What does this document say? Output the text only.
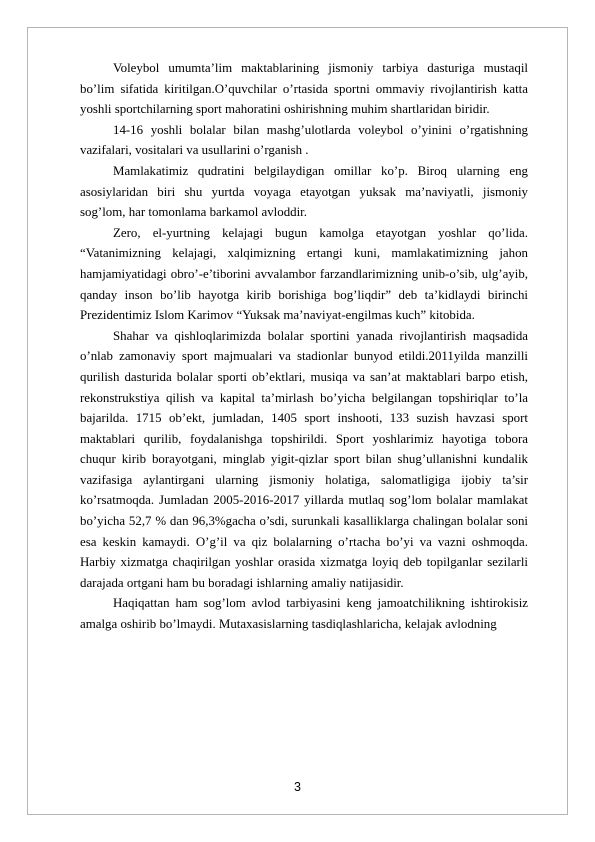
Voleybol umumta’lim maktablarining jismoniy tarbiya dasturiga mustaqil bo’lim sifatida kiritilgan.O’quvchilar o’rtasida sportni ommaviy rivojlantirish katta yoshli sportchilarning sport mahoratini oshirishning muhim shartlaridan biridir.

14-16 yoshli bolalar bilan mashg’ulotlarda voleybol o’yinini o’rgatishning vazifalari, vositalari va usullarini o’rganish .

Mamlakatimiz qudratini belgilaydigan omillar ko’p. Biroq ularning eng asosiylaridan biri shu yurtda voyaga etayotgan yuksak ma’naviyatli, jismoniy sog’lom, har tomonlama barkamol avloddir.

Zero, el-yurtning kelajagi bugun kamolga etayotgan yoshlar qo’lida. “Vatanimizning kelajagi, xalqimizning ertangi kuni, mamlakatimizning jahon hamjamiyatidagi obro’-e’tiborini avvalambor farzandlarimizning unib-o’sib, ulg’ayib, qanday inson bo’lib hayotga kirib borishiga bog’liqdir” deb ta’kidlaydi birinchi Prezidentimiz Islom Karimov “Yuksak ma’naviyat-engilmas kuch” kitobida.

Shahar va qishloqlarimizda bolalar sportini yanada rivojlantirish maqsadida o’nlab zamonaviy sport majmualari va stadionlar bunyod etildi.2011yilda manzilli qurilish dasturida bolalar sporti ob’ektlari, musiqa va san’at maktablari barpo etish, rekonstrukstiya qilish va kapital ta’mirlash bo’yicha belgilangan topshiriqlar to’la bajarilda. 1715 ob’ekt, jumladan, 1405 sport inshooti, 133 suzish havzasi sport maktablari qurilib, foydalanishga topshirildi. Sport yoshlarimiz hayotiga tobora chuqur kirib borayotgani, minglab yigit-qizlar sport bilan shug’ullanishni kundalik vazifasiga aylantirgani ularning jismoniy holatiga, salomatligiga ijobiy ta’sir ko’rsatmoqda. Jumladan 2005-2016-2017 yillarda mutlaq sog’lom bolalar mamlakat bo’yicha 52,7 % dan 96,3%gacha o’sdi, surunkali kasalliklarga chalingan bolalar soni esa keskin kamaydi. O’g’il va qiz bolalarning o’rtacha bo’yi va vazni oshmoqda. Harbiy xizmatga chaqirilgan yoshlar orasida xizmatga loyiq deb topilganlar sezilarli darajada ortgani ham bu boradagi ishlarning amaliy natijasidir.

Haqiqattan ham sog’lom avlod tarbiyasini keng jamoatchilikning ishtirokisiz amalga oshirib bo’lmaydi. Mutaxasislarning tasdiqlashlaricha, kelajak avlodning

3
